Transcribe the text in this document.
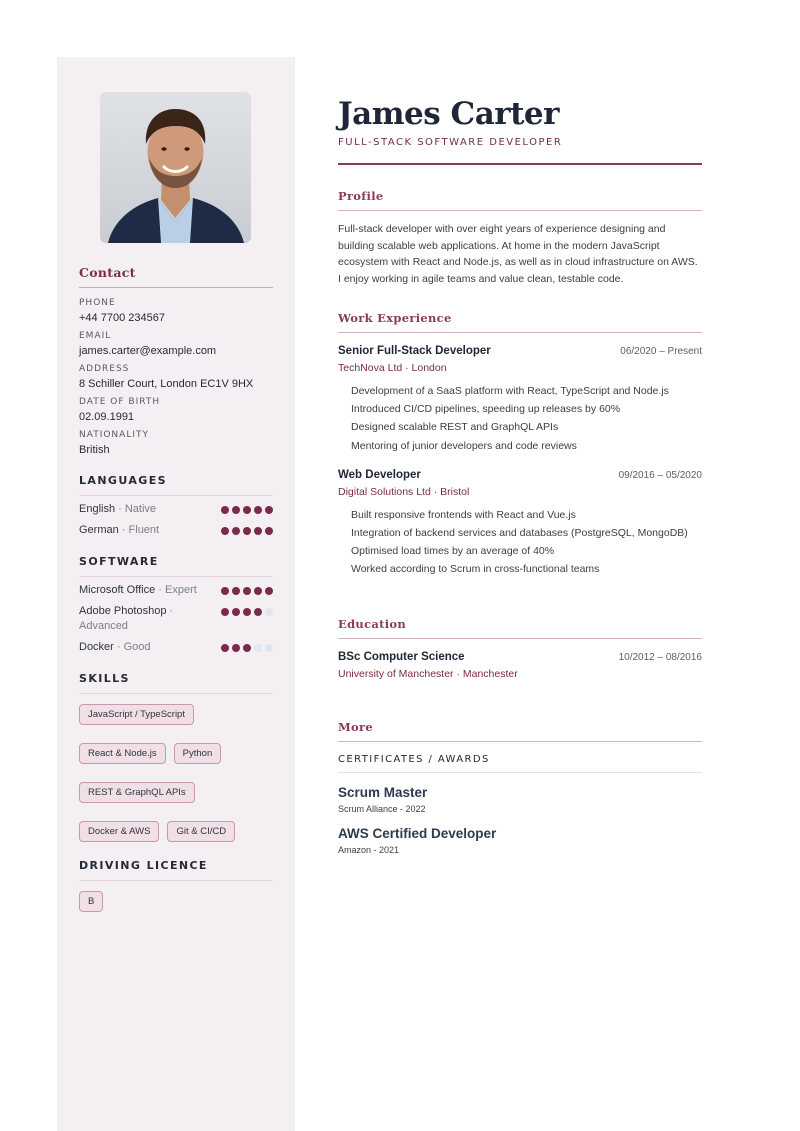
Contact
PHONE
+44 7700 234567
EMAIL
james.carter@example.com
ADDRESS
8 Schiller Court, London EC1V 9HX
DATE OF BIRTH
02.09.1991
NATIONALITY
British
LANGUAGES
English · Native
German · Fluent
SOFTWARE
Microsoft Office · Expert
Adobe Photoshop · Advanced
Docker · Good
SKILLS
JavaScript / TypeScript
React & Node.js	Python
REST & GraphQL APIs
Docker & AWS	Git & CI/CD
DRIVING LICENCE
B
James Carter
FULL-STACK SOFTWARE DEVELOPER
Profile

Full-stack developer with over eight years of experience designing and building scalable web applications. At home in the modern JavaScript ecosystem with React and Node.js, as well as in cloud infrastructure on AWS. I enjoy working in agile teams and value clean, testable code.

Work Experience
Senior Full-Stack Developer	06/2020 – Present
TechNova Ltd · London
Development of a SaaS platform with React, TypeScript and Node.js
Introduced CI/CD pipelines, speeding up releases by 60%
Designed scalable REST and GraphQL APIs
Mentoring of junior developers and code reviews
Web Developer	09/2016 – 05/2020
Digital Solutions Ltd · Bristol
Built responsive frontends with React and Vue.js
Integration of backend services and databases (PostgreSQL, MongoDB)
Optimised load times by an average of 40%
Worked according to Scrum in cross-functional teams
Education
BSc Computer Science	10/2012 – 08/2016
University of Manchester · Manchester
More
CERTIFICATES / AWARDS
Scrum Master
Scrum Alliance - 2022
AWS Certified Developer
Amazon - 2021
